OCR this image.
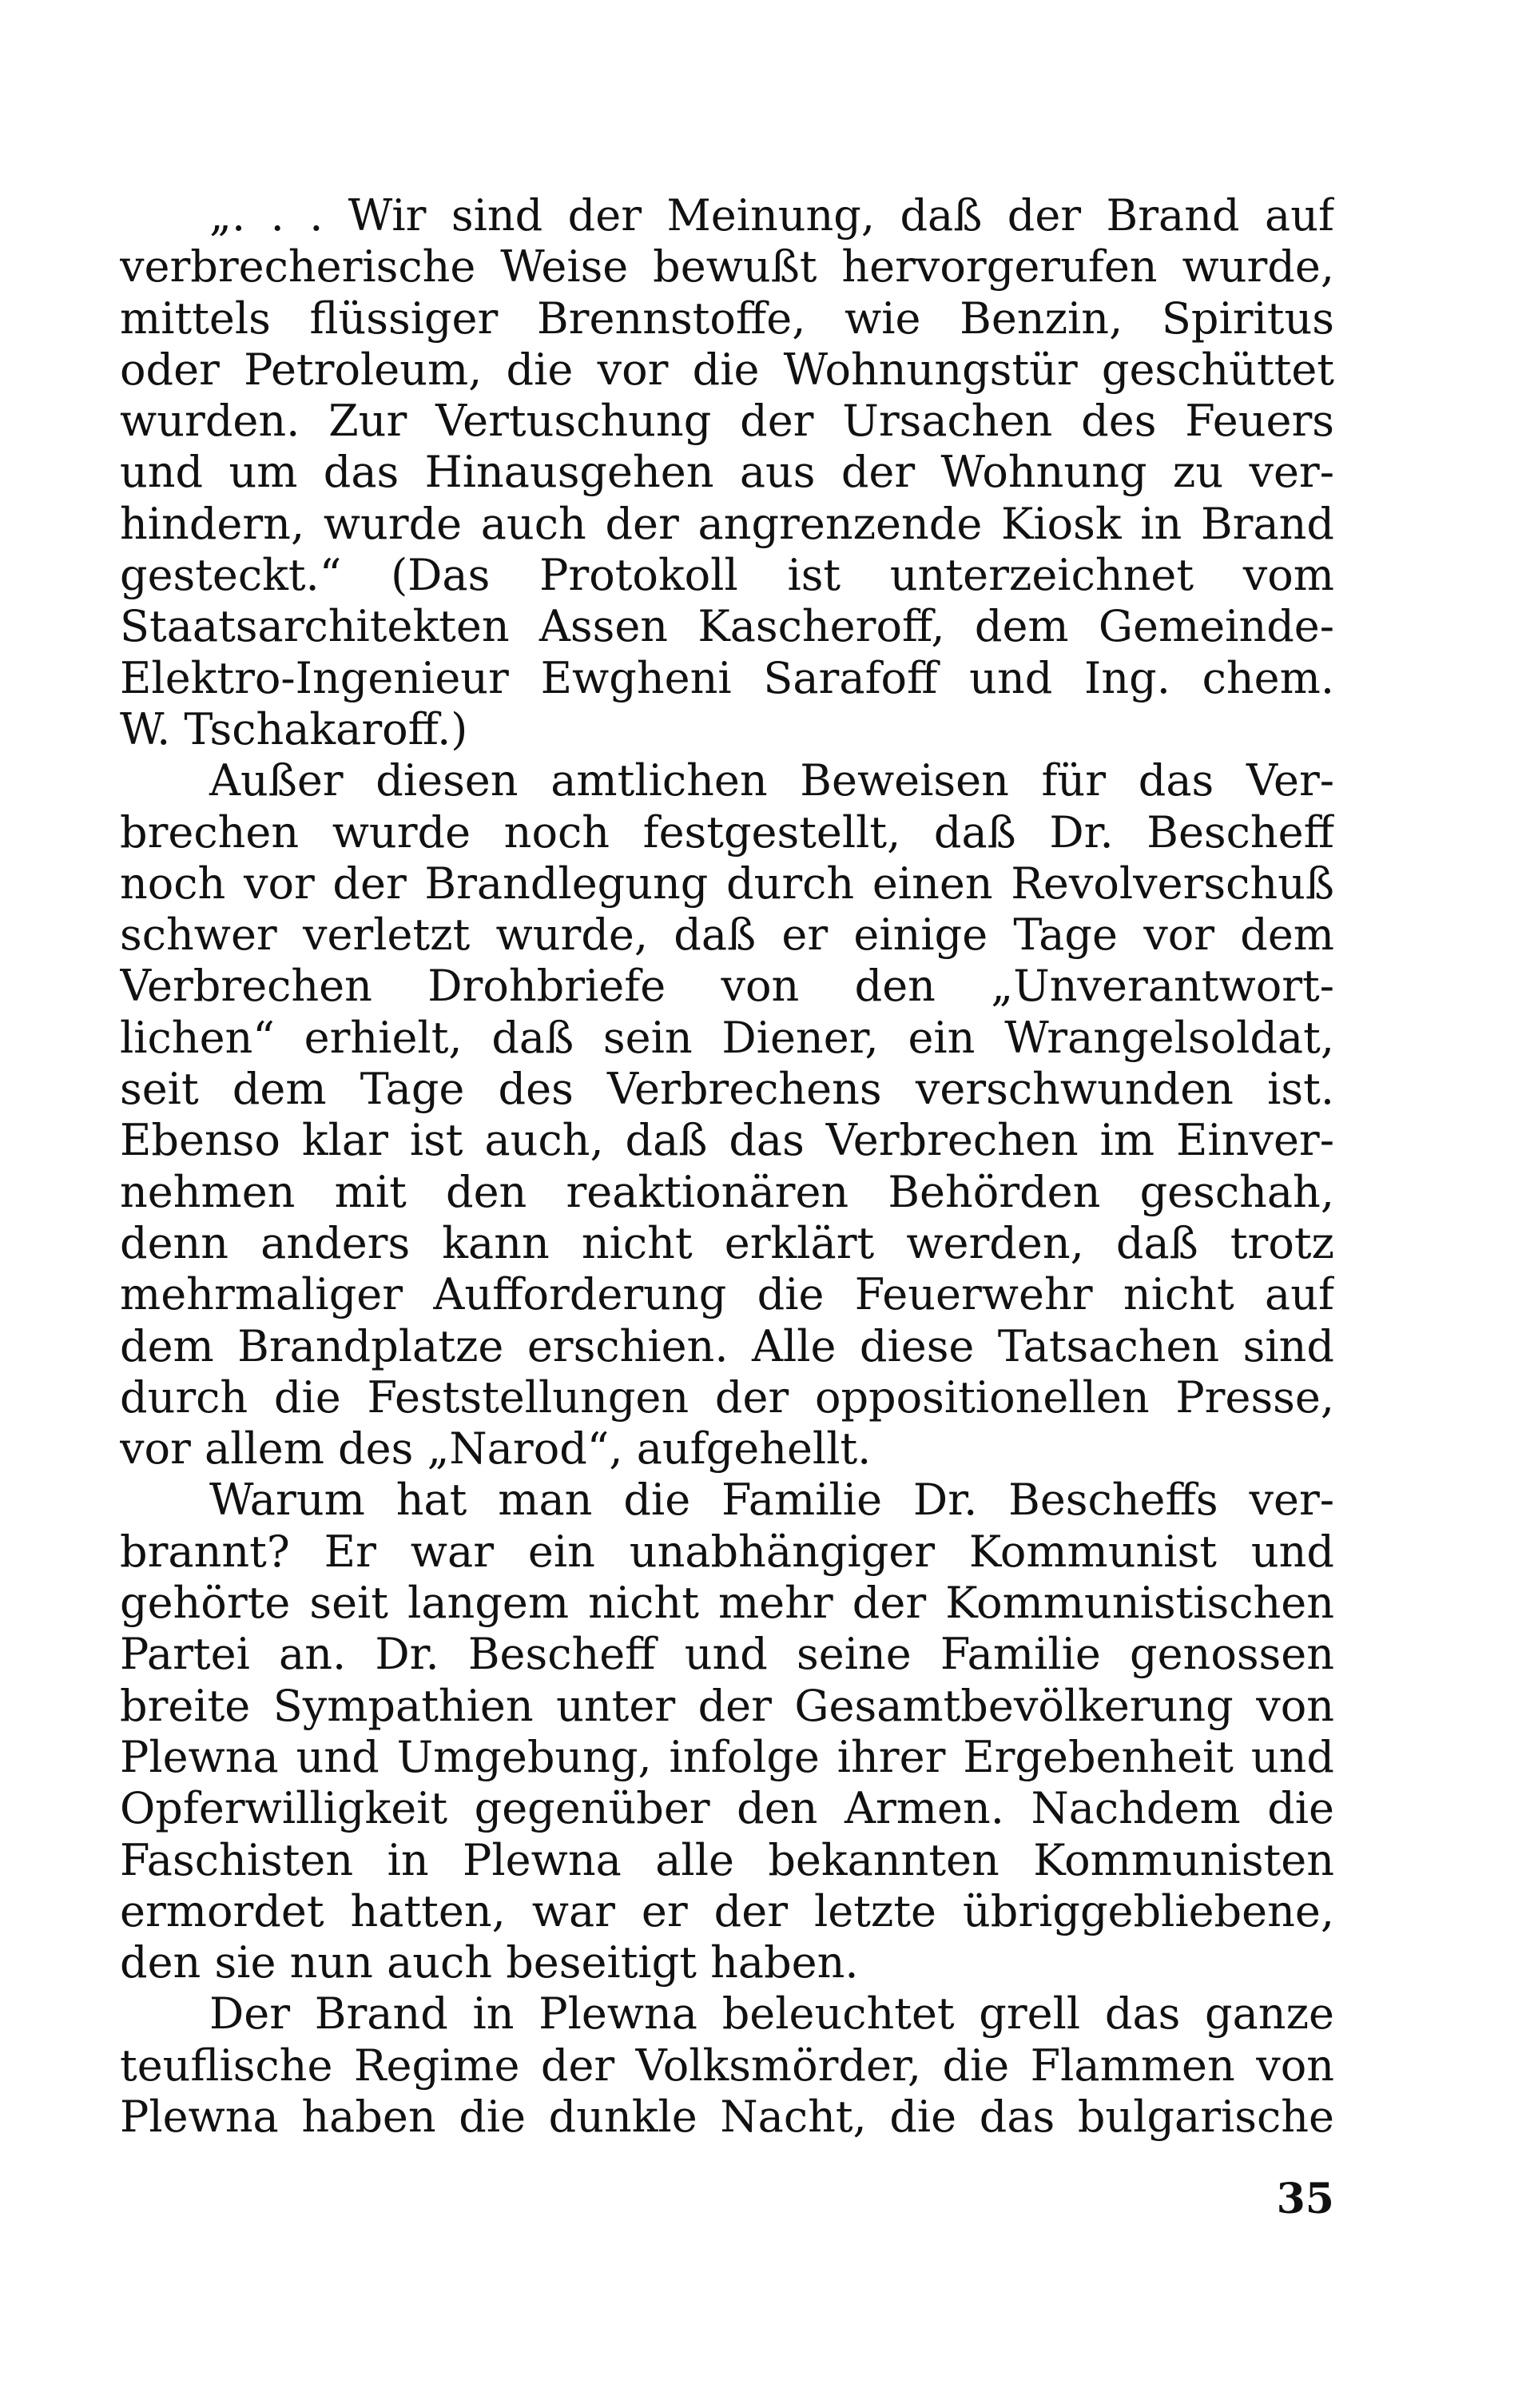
„. . . Wir sind der Meinung, daß der Brand auf
verbrecherische Weise bewußt hervorgerufen wurde,
mittels flüssiger Brennstoffe, wie Benzin, Spiritus
oder Petroleum, die vor die Wohnungstür geschüttet
wurden. Zur Vertuschung der Ursachen des Feuers
und um das Hinausgehen aus der Wohnung zu ver-
hindern, wurde auch der angrenzende Kiosk in Brand
gesteckt.“ (Das Protokoll ist unterzeichnet vom
Staatsarchitekten Assen Kascheroff, dem Gemeinde-
Elektro-Ingenieur Ewgheni Sarafoff und Ing. chem.
W. Tschakaroff.)
Außer diesen amtlichen Beweisen für das Ver-
brechen wurde noch festgestellt, daß Dr. Bescheff
noch vor der Brandlegung durch einen Revolverschuß
schwer verletzt wurde, daß er einige Tage vor dem
Verbrechen Drohbriefe von den „Unverantwort-
lichen“ erhielt, daß sein Diener, ein Wrangelsoldat,
seit dem Tage des Verbrechens verschwunden ist.
Ebenso klar ist auch, daß das Verbrechen im Einver-
nehmen mit den reaktionären Behörden geschah,
denn anders kann nicht erklärt werden, daß trotz
mehrmaliger Aufforderung die Feuerwehr nicht auf
dem Brandplatze erschien. Alle diese Tatsachen sind
durch die Feststellungen der oppositionellen Presse,
vor allem des „Narod“, aufgehellt.
Warum hat man die Familie Dr. Bescheffs ver-
brannt? Er war ein unabhängiger Kommunist und
gehörte seit langem nicht mehr der Kommunistischen
Partei an. Dr. Bescheff und seine Familie genossen
breite Sympathien unter der Gesamtbevölkerung von
Plewna und Umgebung, infolge ihrer Ergebenheit und
Opferwilligkeit gegenüber den Armen. Nachdem die
Faschisten in Plewna alle bekannten Kommunisten
ermordet hatten, war er der letzte übriggebliebene,
den sie nun auch beseitigt haben.
Der Brand in Plewna beleuchtet grell das ganze
teuflische Regime der Volksmörder, die Flammen von
Plewna haben die dunkle Nacht, die das bulgarische
35
